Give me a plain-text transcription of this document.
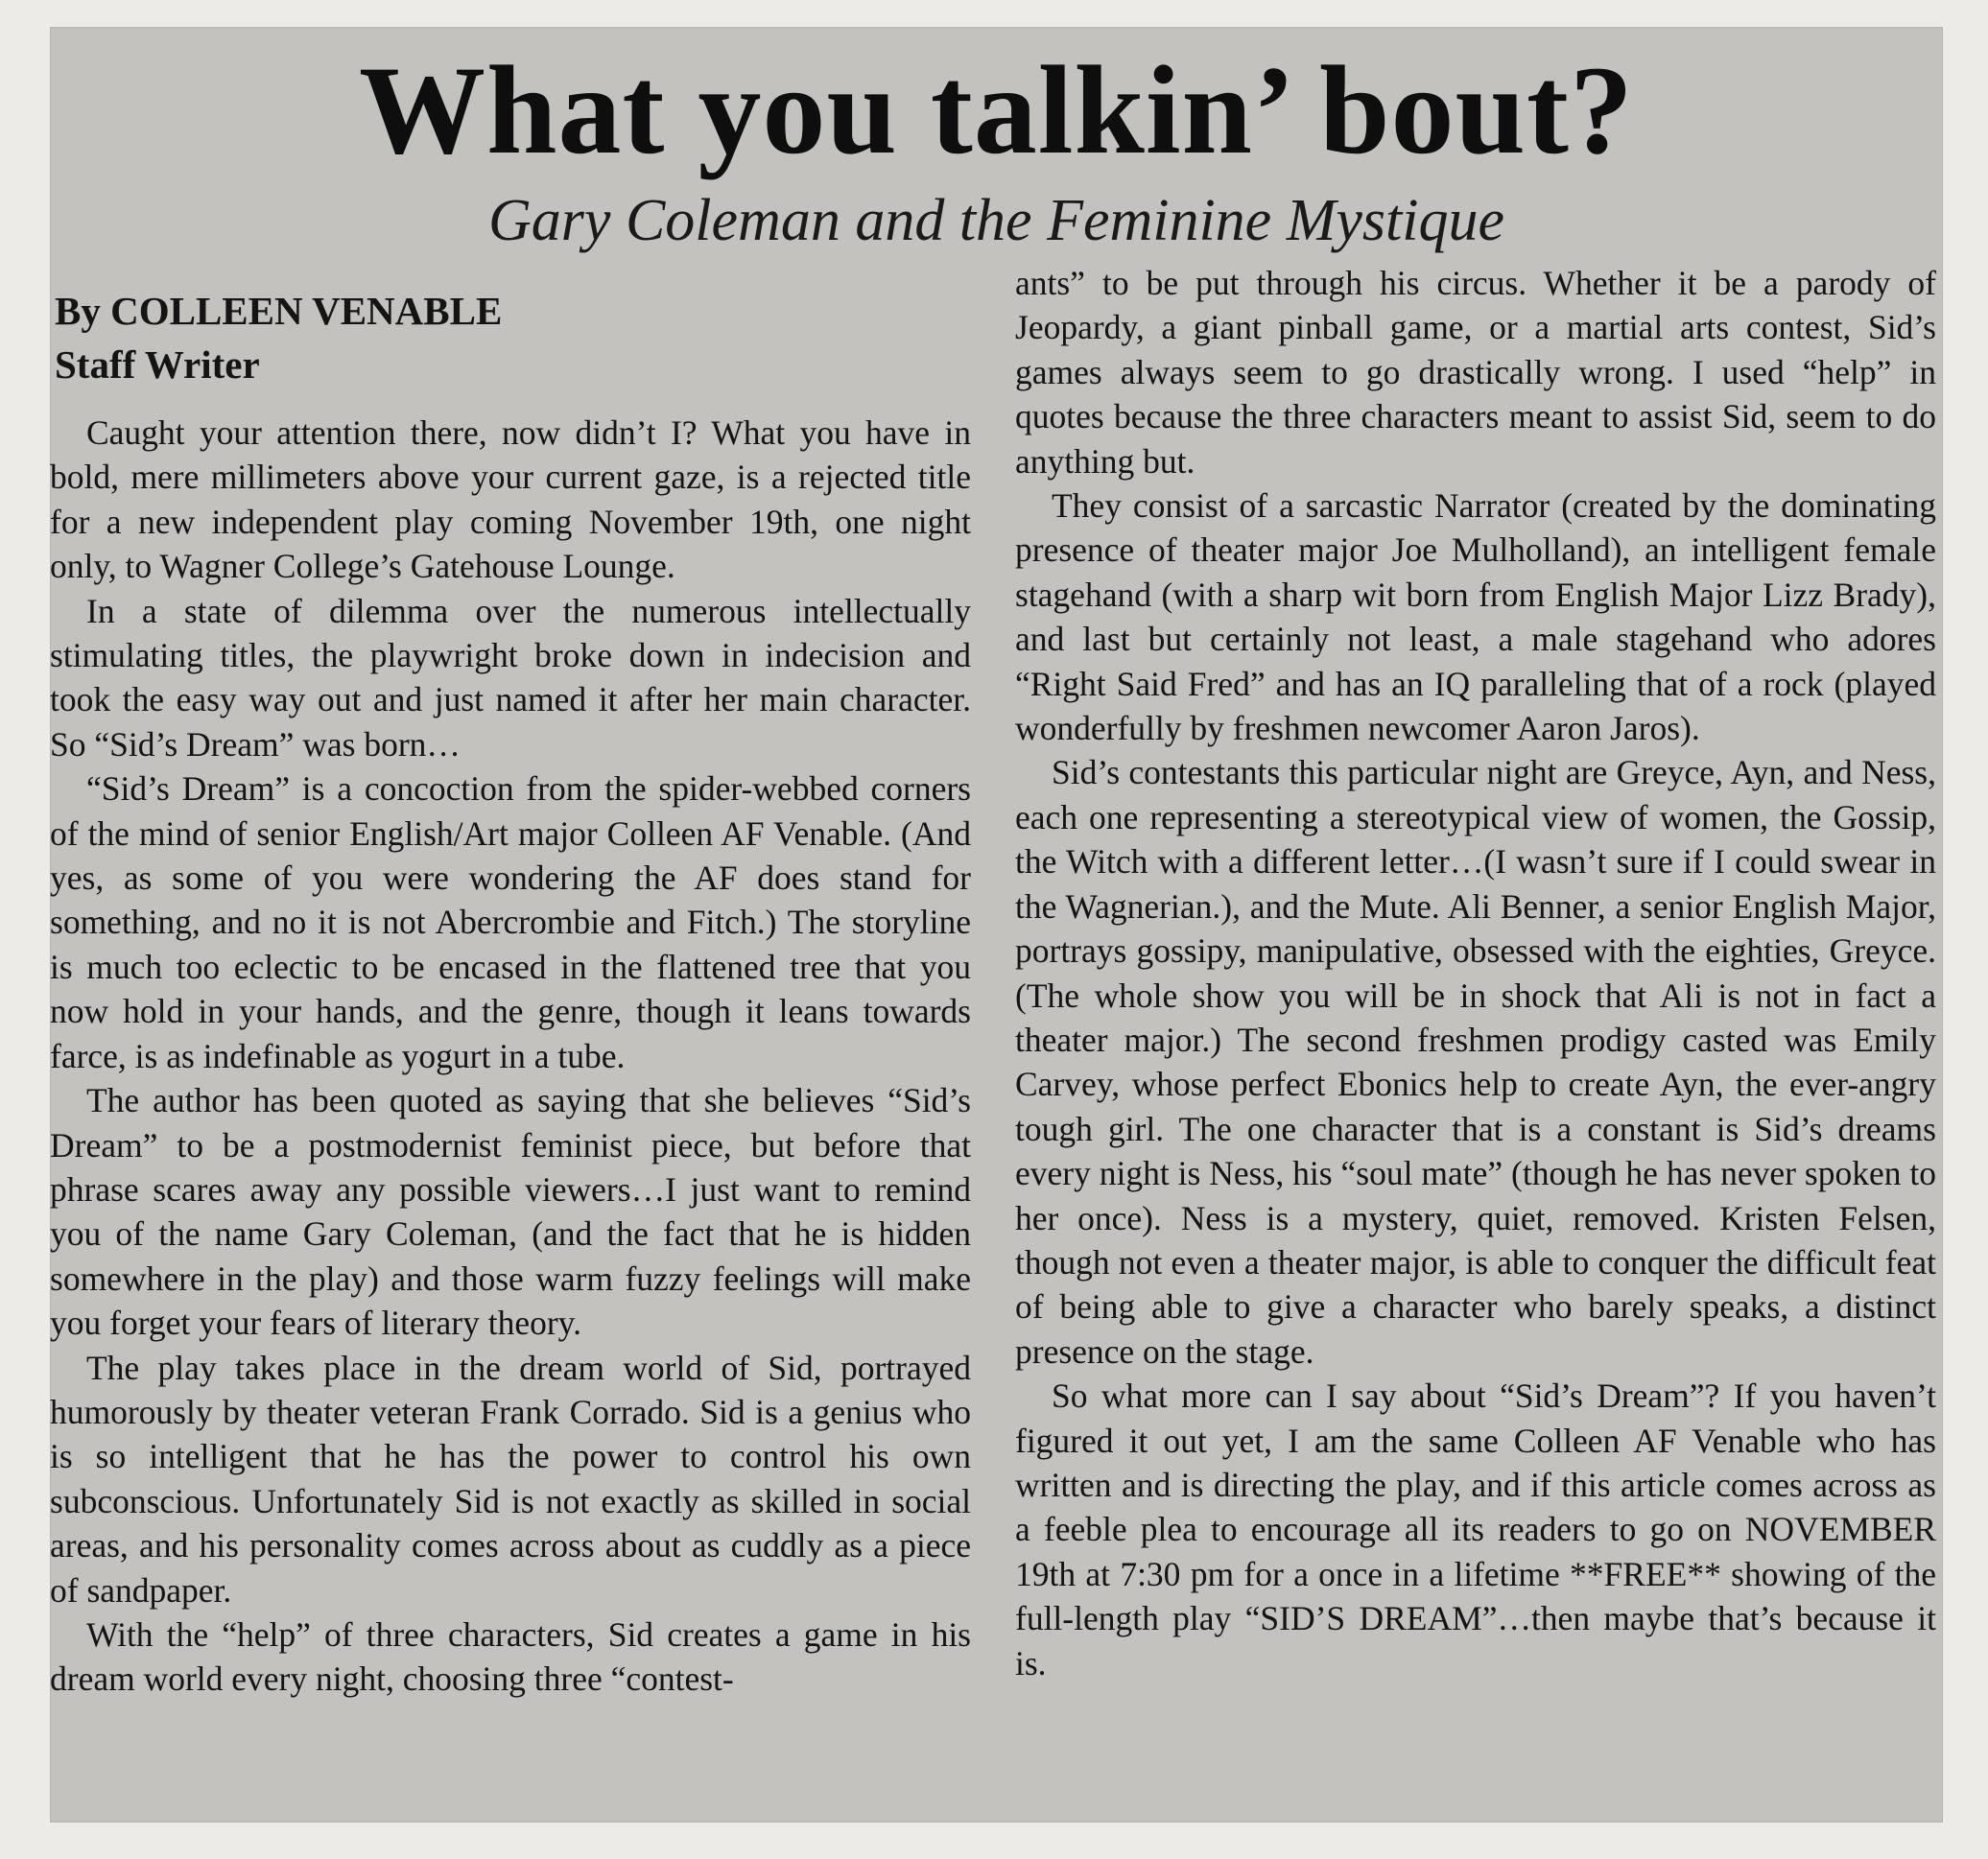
What you talkin’ bout?
Gary Coleman and the Feminine Mystique
By COLLEEN VENABLE
Staff Writer

Caught your attention there, now didn’t I? What you have in bold, mere millimeters above your current gaze, is a rejected title for a new independent play coming November 19th, one night only, to Wagner College’s Gatehouse Lounge.

In a state of dilemma over the numerous intellectually stimulating titles, the playwright broke down in indecision and took the easy way out and just named it after her main character. So “Sid’s Dream” was born…

“Sid’s Dream” is a concoction from the spider-webbed corners of the mind of senior English/Art major Colleen AF Venable. (And yes, as some of you were wondering the AF does stand for something, and no it is not Abercrombie and Fitch.) The storyline is much too eclectic to be encased in the flattened tree that you now hold in your hands, and the genre, though it leans towards farce, is as indefinable as yogurt in a tube.

The author has been quoted as saying that she believes “Sid’s Dream” to be a postmodernist feminist piece, but before that phrase scares away any possible viewers…I just want to remind you of the name Gary Coleman, (and the fact that he is hidden somewhere in the play) and those warm fuzzy feelings will make you forget your fears of literary theory.

The play takes place in the dream world of Sid, portrayed humorously by theater veteran Frank Corrado. Sid is a genius who is so intelligent that he has the power to control his own subconscious. Unfortunately Sid is not exactly as skilled in social areas, and his personality comes across about as cuddly as a piece of sandpaper.

With the “help” of three characters, Sid creates a game in his dream world every night, choosing three “contest-

ants” to be put through his circus. Whether it be a parody of Jeopardy, a giant pinball game, or a martial arts contest, Sid’s games always seem to go drastically wrong. I used “help” in quotes because the three characters meant to assist Sid, seem to do anything but.

They consist of a sarcastic Narrator (created by the dominating presence of theater major Joe Mulholland), an intelligent female stagehand (with a sharp wit born from English Major Lizz Brady), and last but certainly not least, a male stagehand who adores “Right Said Fred” and has an IQ paralleling that of a rock (played wonderfully by freshmen newcomer Aaron Jaros).

Sid’s contestants this particular night are Greyce, Ayn, and Ness, each one representing a stereotypical view of women, the Gossip, the Witch with a different letter…(I wasn’t sure if I could swear in the Wagnerian.), and the Mute. Ali Benner, a senior English Major, portrays gossipy, manipulative, obsessed with the eighties, Greyce. (The whole show you will be in shock that Ali is not in fact a theater major.) The second freshmen prodigy casted was Emily Carvey, whose perfect Ebonics help to create Ayn, the ever-angry tough girl. The one character that is a constant is Sid’s dreams every night is Ness, his “soul mate” (though he has never spoken to her once). Ness is a mystery, quiet, removed. Kristen Felsen, though not even a theater major, is able to conquer the difficult feat of being able to give a character who barely speaks, a distinct presence on the stage.

So what more can I say about “Sid’s Dream”? If you haven’t figured it out yet, I am the same Colleen AF Venable who has written and is directing the play, and if this article comes across as a feeble plea to encourage all its readers to go on NOVEMBER 19th at 7:30 pm for a once in a lifetime **FREE** showing of the full-length play “SID’S DREAM”…then maybe that’s because it is.
